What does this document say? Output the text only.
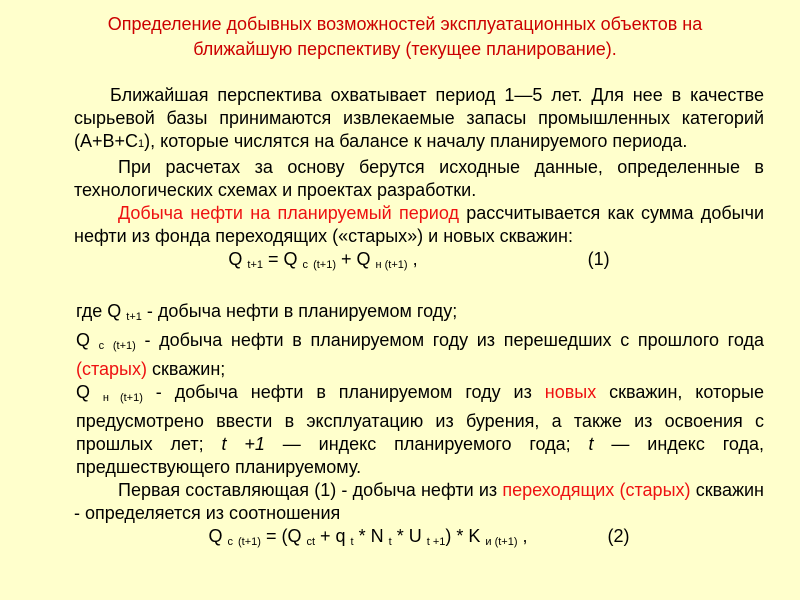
Определение добывных возможностей эксплуатационных объектов на
ближайшую перспективу (текущее планирование).

Ближайшая перспектива охватывает период 1—5 лет. Для нее в качестве сырьевой базы принимаются извлекаемые запасы промышленных категорий (А+В+С1), которые числятся на балансе к началу планируемого периода.

При расчетах за основу берутся исходные данные, определенные в технологических схемах и проектах разработки.

Добыча нефти на планируемый период рассчитывается как сумма добычи нефти из фонда переходящих («старых») и новых скважин:

Q $_{t+1}$ = Q $_с$ $_{(t+1)}$ + Q $_{н (t+1)}$ ,	(1)

где Q $_{t+1}$ - добыча нефти в планируемом году;

Q $_с$ $_{(t+1)}$ - добыча нефти в планируемом году из перешедших с прошлого года (старых) скважин;

Q $_{н (t+1)}$ - добыча нефти в планируемом году из новых скважин, которые предусмотрено ввести в эксплуатацию из бурения, а также из освоения с прошлых лет; t +1 — индекс планируемого года; t — индекс года, предшествующего планируемому.

Первая составляющая (1) - добыча нефти из переходящих (старых) скважин - определяется из соотношения

Q $_с$ $_{(t+1)}$ = (Q $_{ct}$ + q $_t$ * N $_t$ * U $_{t +1}$) * K $_{и (t+1)}$ ,	(2)
